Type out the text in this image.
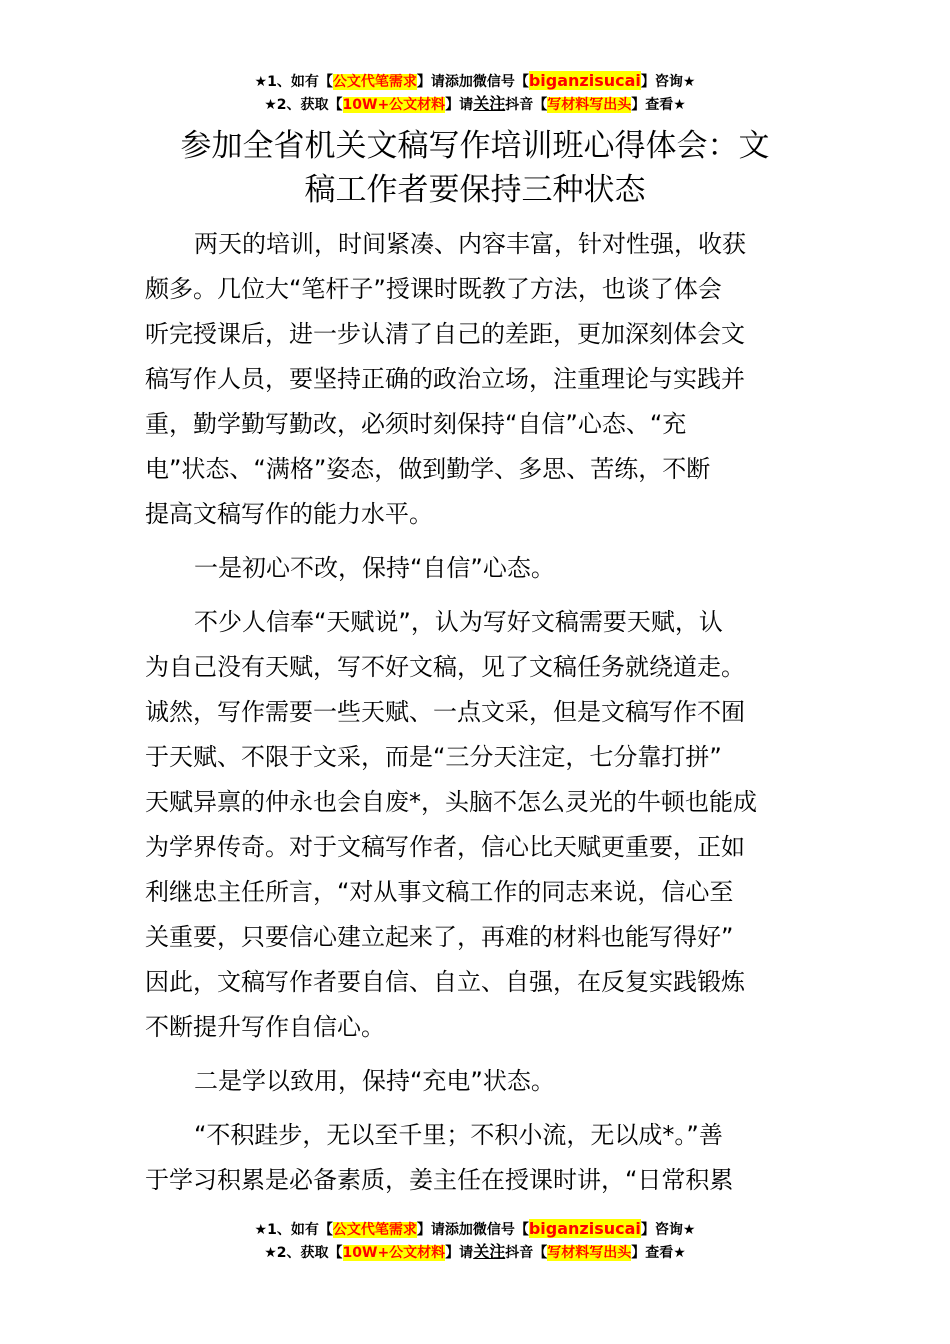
★1、如有【公文代笔需求】请添加微信号【biganzisucai】咨询★
★2、获取【10W+公文材料】请关注抖音【写材料写出头】查看★
参加全省机关文稿写作培训班心得体会：文
稿工作者要保持三种状态
两天的培训，时间紧凑、内容丰富，针对性强，收获
颇多。几位大“笔杆子”授课时既教了方法，也谈了体会
听完授课后，进一步认清了自己的差距，更加深刻体会文
稿写作人员，要坚持正确的政治立场，注重理论与实践并
重，勤学勤写勤改，必须时刻保持“自信”心态、“充
电”状态、“满格”姿态，做到勤学、多思、苦练，不断
提高文稿写作的能力水平。
一是初心不改，保持“自信”心态。
不少人信奉“天赋说”，认为写好文稿需要天赋，认
为自己没有天赋，写不好文稿，见了文稿任务就绕道走。
诚然，写作需要一些天赋、一点文采，但是文稿写作不囿
于天赋、不限于文采，而是“三分天注定，七分靠打拼”
天赋异禀的仲永也会自废*，头脑不怎么灵光的牛顿也能成
为学界传奇。对于文稿写作者，信心比天赋更重要，正如
利继忠主任所言，“对从事文稿工作的同志来说，信心至
关重要，只要信心建立起来了，再难的材料也能写得好”
因此，文稿写作者要自信、自立、自强，在反复实践锻炼
不断提升写作自信心。
二是学以致用，保持“充电”状态。
“不积跬步，无以至千里；不积小流，无以成*。”善
于学习积累是必备素质，姜主任在授课时讲，“日常积累
★1、如有【公文代笔需求】请添加微信号【biganzisucai】咨询★
★2、获取【10W+公文材料】请关注抖音【写材料写出头】查看★
